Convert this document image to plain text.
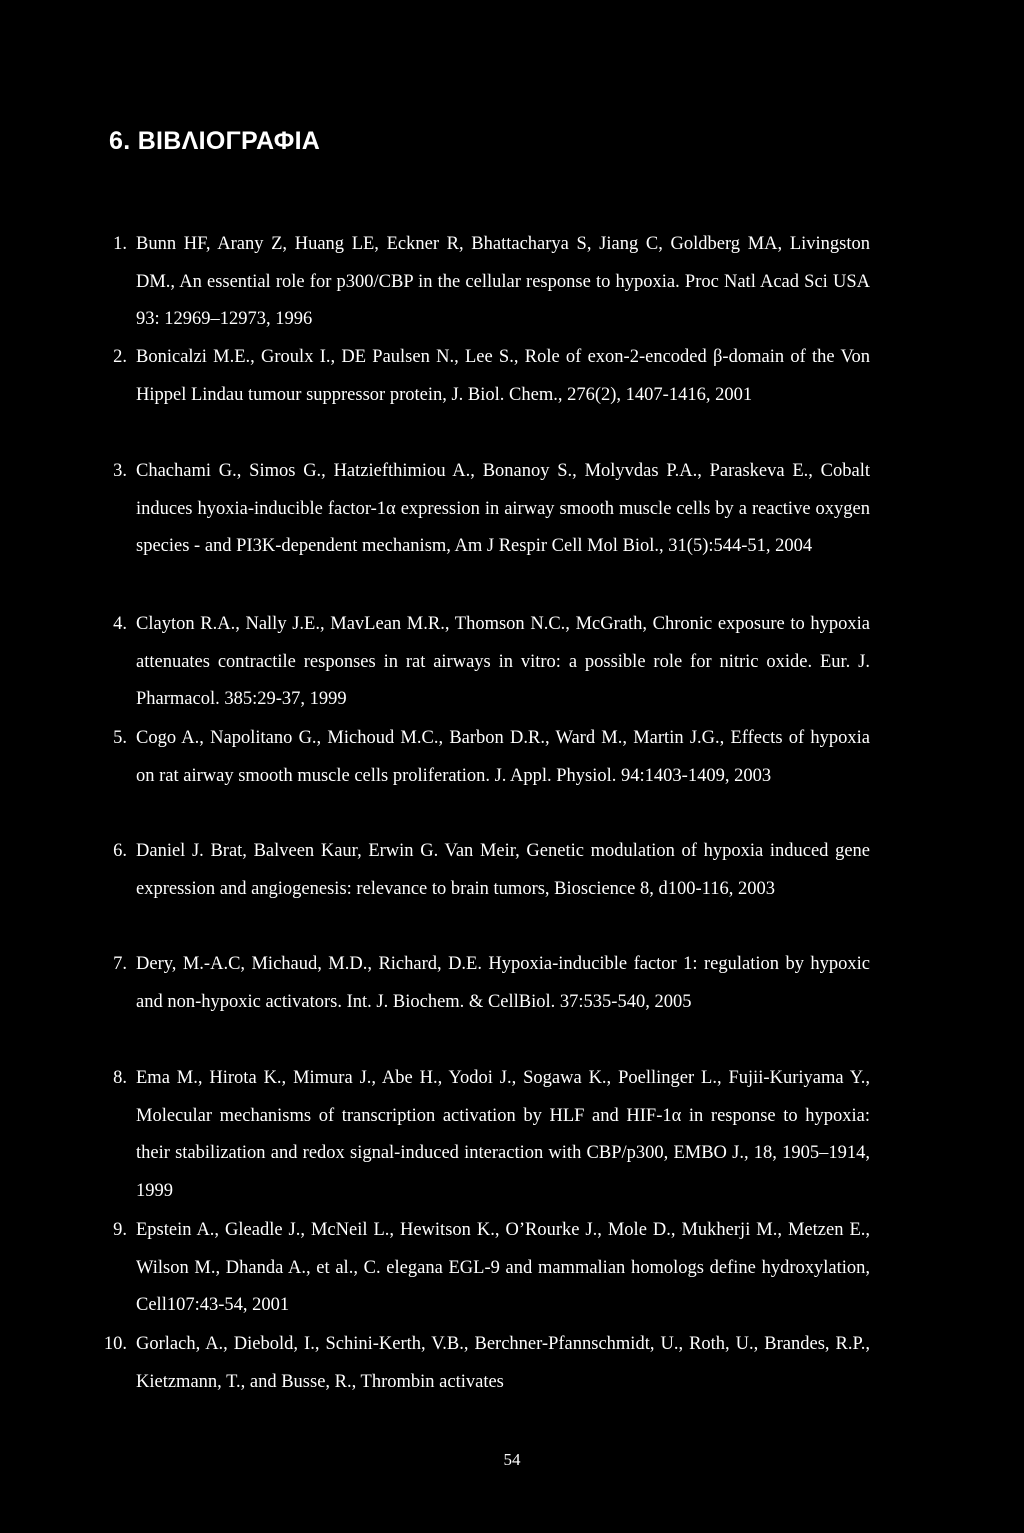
6. ΒΙΒΛΙΟΓΡΑΦΙΑ
1. Bunn HF, Arany Z, Huang LE, Eckner R, Bhattacharya S, Jiang C, Goldberg MA, Livingston DM., An essential role for p300/CBP in the cellular response to hypoxia. Proc Natl Acad Sci USA 93: 12969–12973, 1996
2. Bonicalzi M.E., Groulx I., DE Paulsen N., Lee S., Role of exon-2-encoded β-domain of the Von Hippel Lindau tumour suppressor protein, J. Biol. Chem., 276(2), 1407-1416, 2001
3. Chachami G., Simos G., Hatziefthimiou A., Bonanoy S., Molyvdas P.A., Paraskeva E., Cobalt induces hyoxia-inducible factor-1α expression in airway smooth muscle cells by a reactive oxygen species - and PI3K-dependent mechanism, Am J Respir Cell Mol Biol., 31(5):544-51, 2004
4. Clayton R.A., Nally J.E., MavLean M.R., Thomson N.C., McGrath, Chronic exposure to hypoxia attenuates contractile responses in rat airways in vitro: a possible role for nitric oxide. Eur. J. Pharmacol. 385:29-37, 1999
5. Cogo A., Napolitano G., Michoud M.C., Barbon D.R., Ward M., Martin J.G., Effects of hypoxia on rat airway smooth muscle cells proliferation. J. Appl. Physiol. 94:1403-1409, 2003
6. Daniel J. Brat, Balveen Kaur, Erwin G. Van Meir, Genetic modulation of hypoxia induced gene expression and angiogenesis: relevance to brain tumors, Bioscience 8, d100-116, 2003
7. Dery, M.-A.C, Michaud, M.D., Richard, D.E. Hypoxia-inducible factor 1: regulation by hypoxic and non-hypoxic activators. Int. J. Biochem. & CellBiol. 37:535-540, 2005
8. Ema M., Hirota K., Mimura J., Abe H., Yodoi J., Sogawa K., Poellinger L., Fujii-Kuriyama Y., Molecular mechanisms of transcription activation by HLF and HIF-1α in response to hypoxia: their stabilization and redox signal-induced interaction with CBP/p300, EMBO J., 18, 1905–1914, 1999
9. Epstein A., Gleadle J., McNeil L., Hewitson K., O’Rourke J., Mole D., Mukherji M., Metzen E., Wilson M., Dhanda A., et al., C. elegana EGL-9 and mammalian homologs define hydroxylation, Cell107:43-54, 2001
10. Gorlach, A., Diebold, I., Schini-Kerth, V.B., Berchner-Pfannschmidt, U., Roth, U., Brandes, R.P., Kietzmann, T., and Busse, R., Thrombin activates
54
